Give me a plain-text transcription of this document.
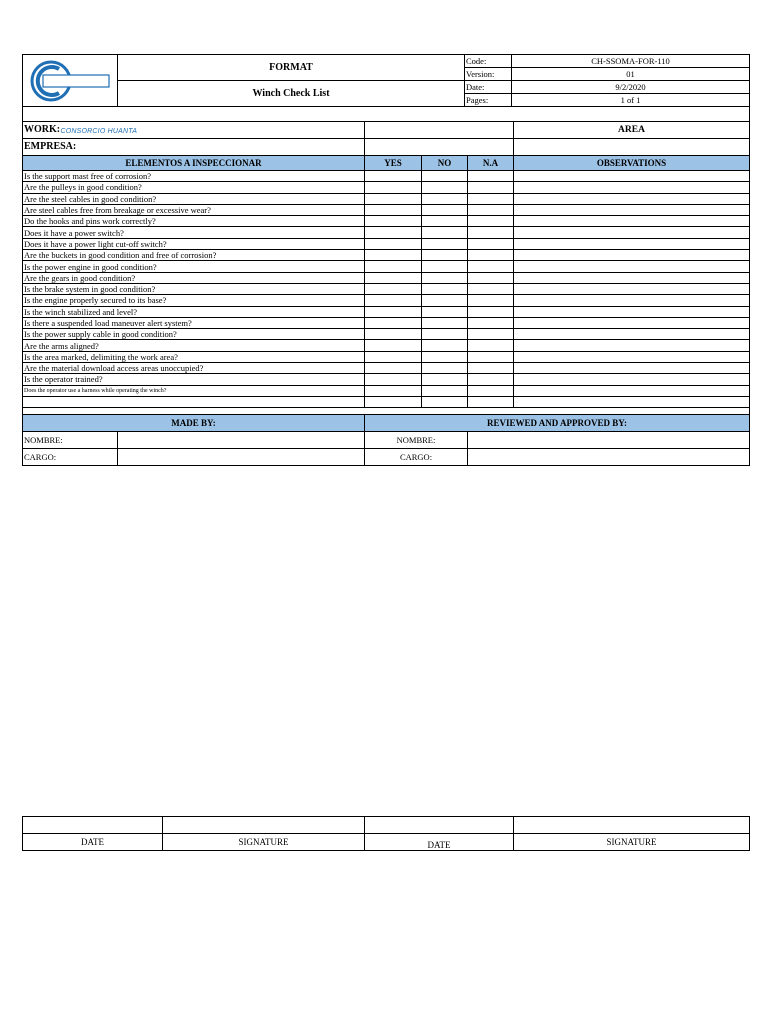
CONSORCIO HUANTA	FORMAT	Code:	CH-SSOMA-FOR-110
		Version:	01
	Winch Check List	Date:	9/2/2020
		Pages:	1 of 1

WORK:				AREA
EMPRESA:				
ELEMENTOS A INSPECCIONAR	YES	NO	N.A	OBSERVATIONS
Is the support mast free of corrosion?				
Are the pulleys in good condition?				
Are the steel cables in good condition?				
Are steel cables free from breakage or excessive wear?				
Do the hooks and pins work correctly?				
Does it have a power switch?				
Does it have a power light cut-off switch?				
Are the buckets in good condition and free of corrosion?				
Is the power engine in good condition?				
Are the gears in good condition?				
Is the brake system in good condition?				
Is the engine properly secured to its base?				
Is the winch stabilized and level?				
Is there a suspended load maneuver alert system?				
Is the power supply cable in good condition?				
Are the arms aligned?				
Is the area marked, delimiting the work area?				
Are the material download access areas unoccupied?				
Is the operator trained?				
Does the operator use a harness while operating the winch?				

MADE BY:	REVIEWED AND APPROVED BY:			

NOMBRE:	NOMBRE:			

CARGO:	CARGO:			

DATE	SIGNATURE	DATE	SIGNATURE
